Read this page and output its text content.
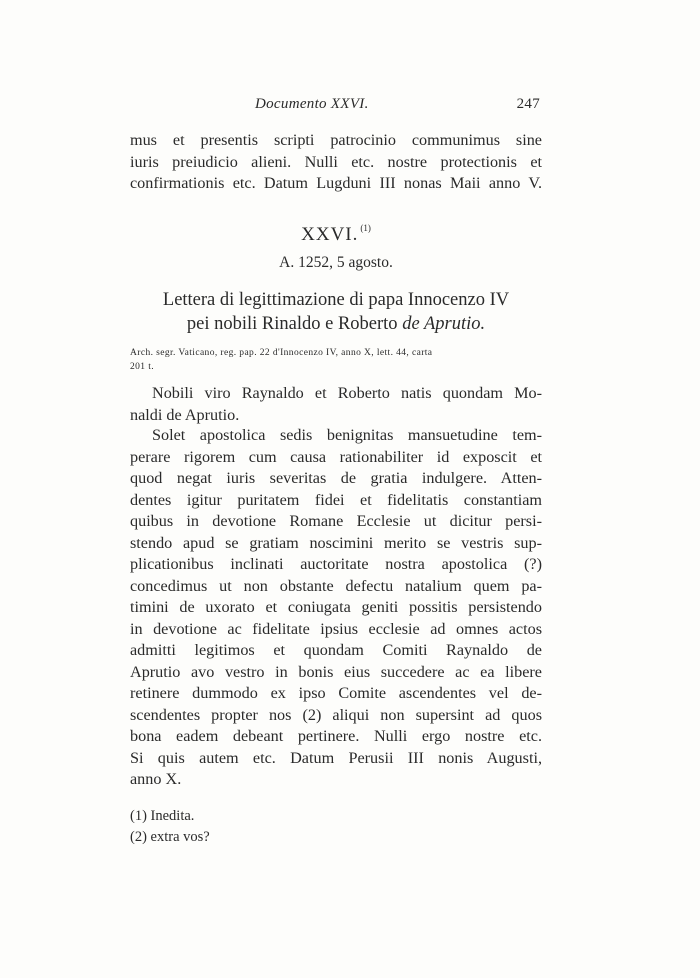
Documento XXVI.	247
mus et presentis scripti patrocinio communimus sine
iuris preiudicio alieni. Nulli etc. nostre protectionis et
confirmationis etc. Datum Lugduni III nonas Maii anno V.
XXVI. $^{(1)}$
A. 1252, 5 agosto.
Lettera di legittimazione di papa Innocenzo IV
pei nobili Rinaldo e Roberto de Aprutio.
Arch. segr. Vaticano, reg. pap. 22 d'Innocenzo IV, anno X, lett. 44, carta
201 t.
Nobili viro Raynaldo et Roberto natis quondam Mo-
naldi de Aprutio.
Solet apostolica sedis benignitas mansuetudine tem-
perare rigorem cum causa rationabiliter id exposcit et
quod negat iuris severitas de gratia indulgere. Atten-
dentes igitur puritatem fidei et fidelitatis constantiam
quibus in devotione Romane Ecclesie ut dicitur persi-
stendo apud se gratiam noscimini merito se vestris sup-
plicationibus inclinati auctoritate nostra apostolica (?)
concedimus ut non obstante defectu natalium quem pa-
timini de uxorato et coniugata geniti possitis persistendo
in devotione ac fidelitate ipsius ecclesie ad omnes actos
admitti legitimos et quondam Comiti Raynaldo de
Aprutio avo vestro in bonis eius succedere ac ea libere
retinere dummodo ex ipso Comite ascendentes vel de-
scendentes propter nos (2) aliqui non supersint ad quos
bona eadem debeant pertinere. Nulli ergo nostre etc.
Si quis autem etc. Datum Perusii III nonis Augusti,
anno X.
(1) Inedita.
(2) extra vos?
